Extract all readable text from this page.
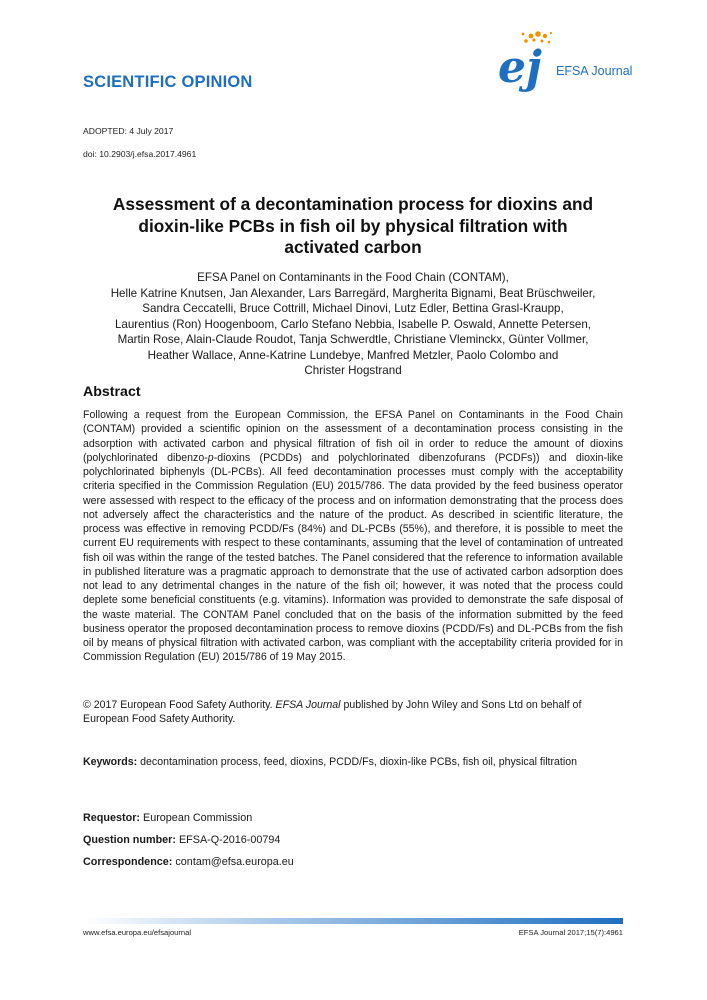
SCIENTIFIC OPINION	ej EFSA Journal
ADOPTED: 4 July 2017
doi: 10.2903/j.efsa.2017.4961
Assessment of a decontamination process for dioxins and
dioxin-like PCBs in fish oil by physical filtration with
activated carbon

EFSA Panel on Contaminants in the Food Chain (CONTAM),
Helle Katrine Knutsen, Jan Alexander, Lars Barregärd, Margherita Bignami, Beat Brüschweiler,
Sandra Ceccatelli, Bruce Cottrill, Michael Dinovi, Lutz Edler, Bettina Grasl-Kraupp,
Laurentius (Ron) Hoogenboom, Carlo Stefano Nebbia, Isabelle P. Oswald, Annette Petersen,
Martin Rose, Alain-Claude Roudot, Tanja Schwerdtle, Christiane Vleminckx, Günter Vollmer,
Heather Wallace, Anne-Katrine Lundebye, Manfred Metzler, Paolo Colombo and
Christer Hogstrand

Abstract

Following a request from the European Commission, the EFSA Panel on Contaminants in the Food Chain (CONTAM) provided a scientific opinion on the assessment of a decontamination process consisting in the adsorption with activated carbon and physical filtration of fish oil in order to reduce the amount of dioxins (polychlorinated dibenzo-p-dioxins (PCDDs) and polychlorinated dibenzofurans (PCDFs)) and dioxin-like polychlorinated biphenyls (DL-PCBs). All feed decontamination processes must comply with the acceptability criteria specified in the Commission Regulation (EU) 2015/786. The data provided by the feed business operator were assessed with respect to the efficacy of the process and on information demonstrating that the process does not adversely affect the characteristics and the nature of the product. As described in scientific literature, the process was effective in removing PCDD/Fs (84%) and DL-PCBs (55%), and therefore, it is possible to meet the current EU requirements with respect to these contaminants, assuming that the level of contamination of untreated fish oil was within the range of the tested batches. The Panel considered that the reference to information available in published literature was a pragmatic approach to demonstrate that the use of activated carbon adsorption does not lead to any detrimental changes in the nature of the fish oil; however, it was noted that the process could deplete some beneficial constituents (e.g. vitamins). Information was provided to demonstrate the safe disposal of the waste material. The CONTAM Panel concluded that on the basis of the information submitted by the feed business operator the proposed decontamination process to remove dioxins (PCDD/Fs) and DL-PCBs from the fish oil by means of physical filtration with activated carbon, was compliant with the acceptability criteria provided for in Commission Regulation (EU) 2015/786 of 19 May 2015.

© 2017 European Food Safety Authority. EFSA Journal published by John Wiley and Sons Ltd on behalf of European Food Safety Authority.

Keywords: decontamination process, feed, dioxins, PCDD/Fs, dioxin-like PCBs, fish oil, physical filtration

Requestor: European Commission
Question number: EFSA-Q-2016-00794
Correspondence: contam@efsa.europa.eu
www.efsa.europa.eu/efsajournal	EFSA Journal 2017;15(7):4961
